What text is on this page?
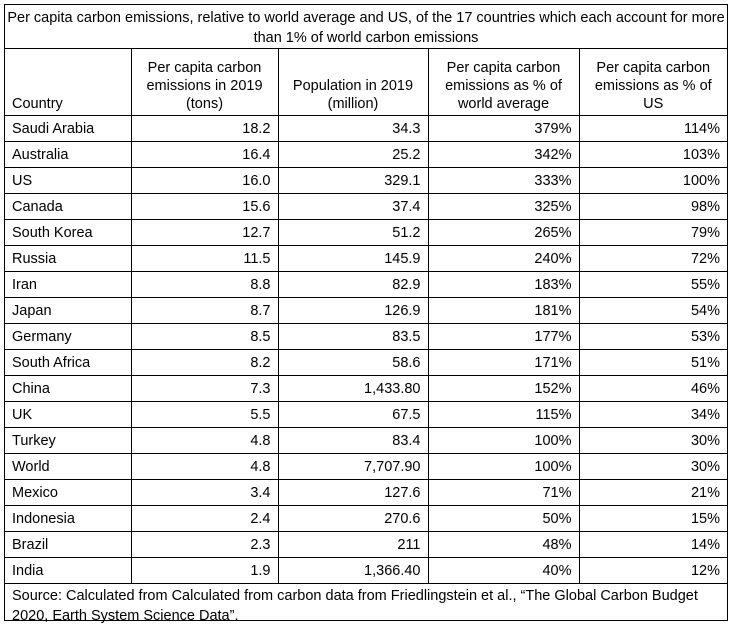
Per capita carbon emissions, relative to world average and US, of the 17 countries which each account for more than 1% of world carbon emissions
Country	Per capita carbon emissions in 2019 (tons)	Population in 2019 (million)	Per capita carbon emissions as % of world average	Per capita carbon emissions as % of US
Saudi Arabia	18.2	34.3	379%	114%
Australia	16.4	25.2	342%	103%
US	16.0	329.1	333%	100%
Canada	15.6	37.4	325%	98%
South Korea	12.7	51.2	265%	79%
Russia	11.5	145.9	240%	72%
Iran	8.8	82.9	183%	55%
Japan	8.7	126.9	181%	54%
Germany	8.5	83.5	177%	53%
South Africa	8.2	58.6	171%	51%
China	7.3	1,433.80	152%	46%
UK	5.5	67.5	115%	34%
Turkey	4.8	83.4	100%	30%
World	4.8	7,707.90	100%	30%
Mexico	3.4	127.6	71%	21%
Indonesia	2.4	270.6	50%	15%
Brazil	2.3	211	48%	14%
India	1.9	1,366.40	40%	12%
Source: Calculated from Calculated from carbon data from Friedlingstein et al., “The Global Carbon Budget 2020, Earth System Science Data”.
